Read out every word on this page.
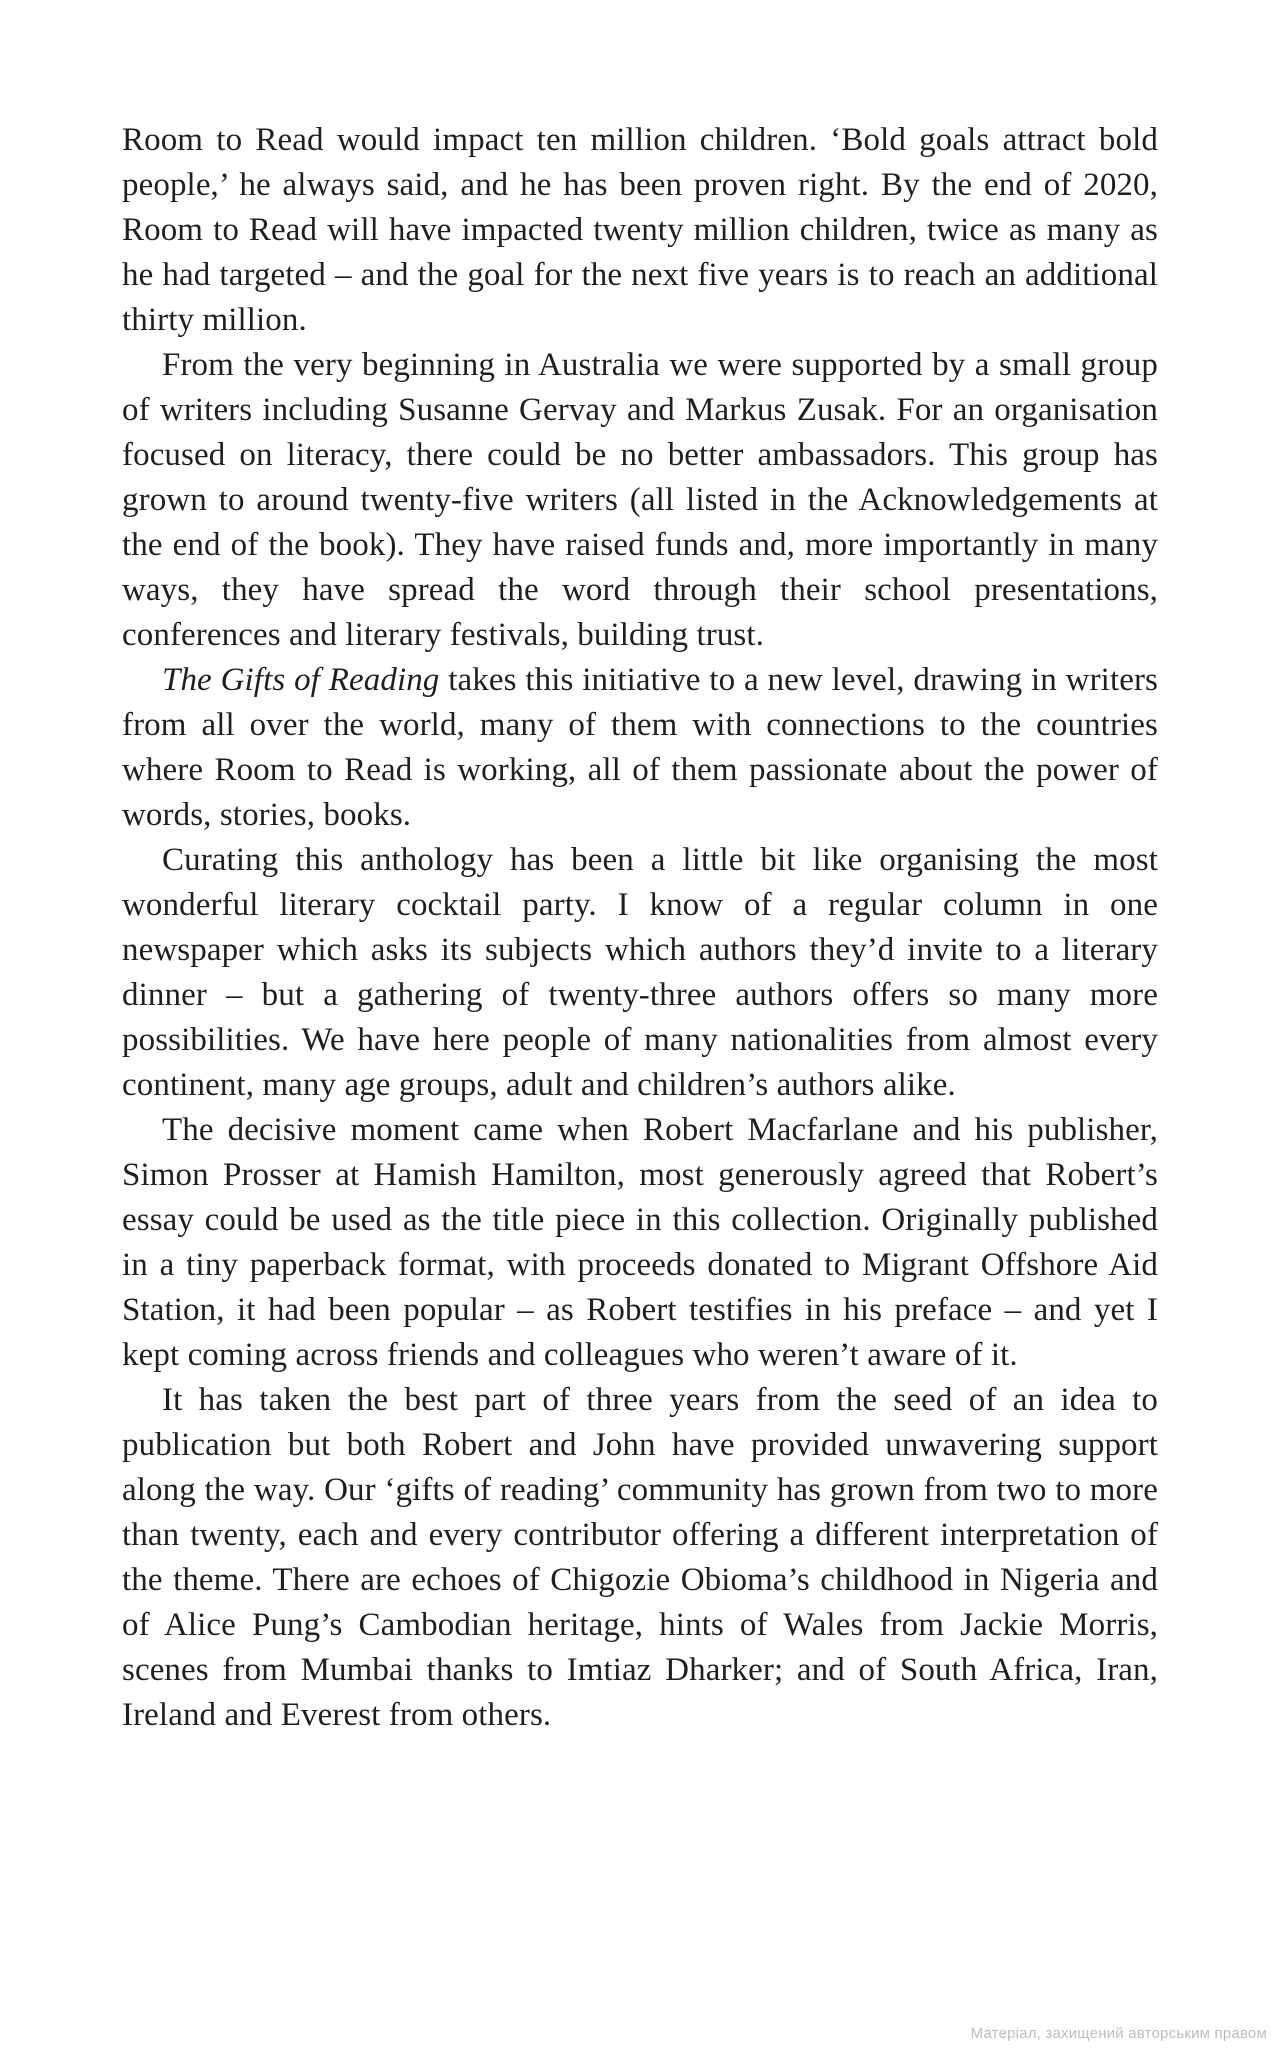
Room to Read would impact ten million children. ‘Bold goals attract bold people,’ he always said, and he has been proven right. By the end of 2020, Room to Read will have impacted twenty million children, twice as many as he had targeted – and the goal for the next five years is to reach an additional thirty million.

From the very beginning in Australia we were supported by a small group of writers including Susanne Gervay and Markus Zusak. For an organisation focused on literacy, there could be no better ambassadors. This group has grown to around twenty-five writers (all listed in the Acknowledgements at the end of the book). They have raised funds and, more importantly in many ways, they have spread the word through their school presentations, conferences and literary festivals, building trust.

The Gifts of Reading takes this initiative to a new level, drawing in writers from all over the world, many of them with connections to the countries where Room to Read is working, all of them passionate about the power of words, stories, books.

Curating this anthology has been a little bit like organising the most wonderful literary cocktail party. I know of a regular column in one newspaper which asks its subjects which authors they’d invite to a literary dinner – but a gathering of twenty-three authors offers so many more possibilities. We have here people of many nationalities from almost every continent, many age groups, adult and children’s authors alike.

The decisive moment came when Robert Macfarlane and his publisher, Simon Prosser at Hamish Hamilton, most generously agreed that Robert’s essay could be used as the title piece in this collection. Originally published in a tiny paperback format, with proceeds donated to Migrant Offshore Aid Station, it had been popular – as Robert testifies in his preface – and yet I kept coming across friends and colleagues who weren’t aware of it.

It has taken the best part of three years from the seed of an idea to publication but both Robert and John have provided unwavering support along the way. Our ‘gifts of reading’ community has grown from two to more than twenty, each and every contributor offering a different interpretation of the theme. There are echoes of Chigozie Obioma’s childhood in Nigeria and of Alice Pung’s Cambodian heritage, hints of Wales from Jackie Morris, scenes from Mumbai thanks to Imtiaz Dharker; and of South Africa, Iran, Ireland and Everest from others.

Матеріал, захищений авторським правом
